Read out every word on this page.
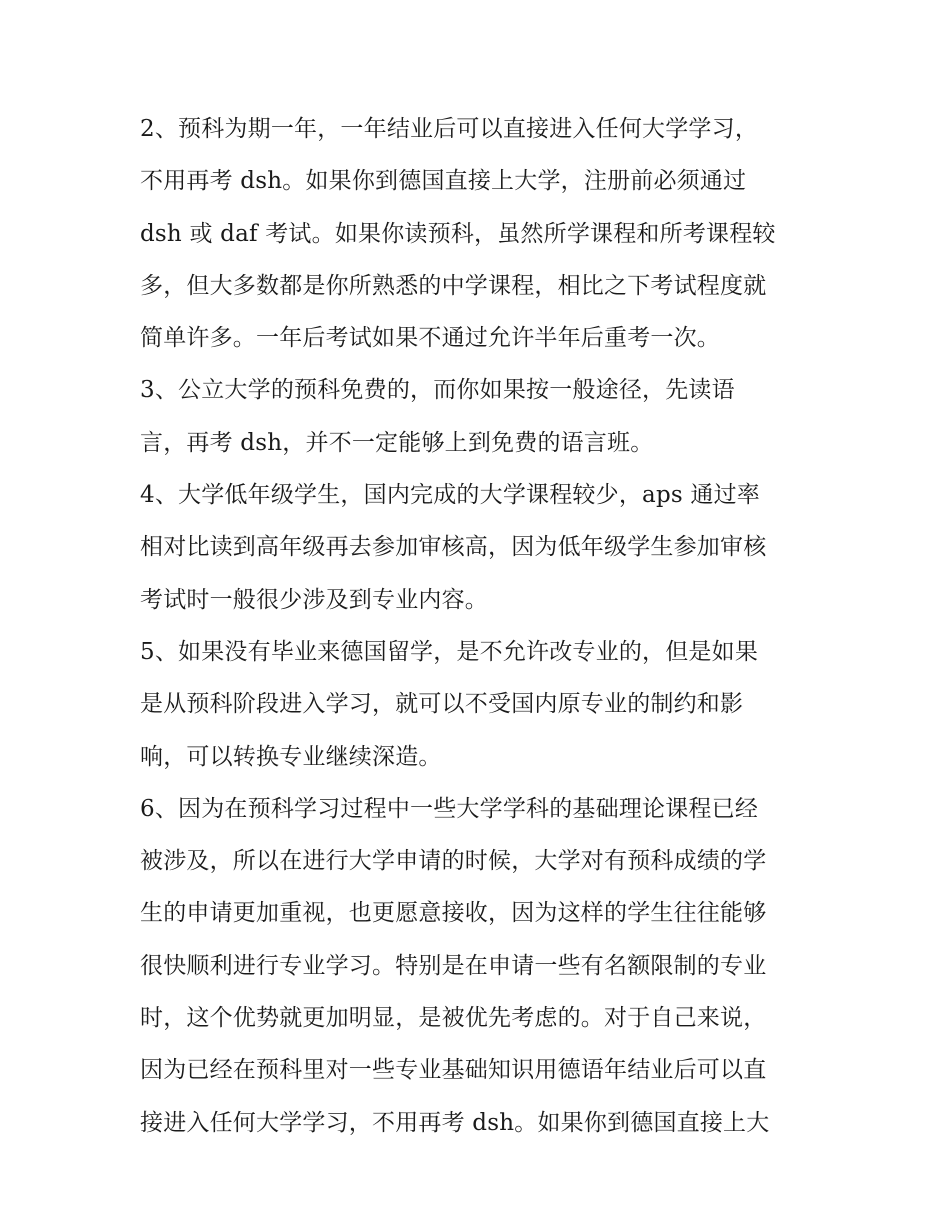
2、预科为期一年，一年结业后可以直接进入任何大学学习，
不用再考 dsh。如果你到德国直接上大学，注册前必须通过
dsh 或 daf 考试。如果你读预科，虽然所学课程和所考课程较
多，但大多数都是你所熟悉的中学课程，相比之下考试程度就
简单许多。一年后考试如果不通过允许半年后重考一次。
3、公立大学的预科免费的，而你如果按一般途径，先读语
言，再考 dsh，并不一定能够上到免费的语言班。
4、大学低年级学生，国内完成的大学课程较少，aps 通过率
相对比读到高年级再去参加审核高，因为低年级学生参加审核
考试时一般很少涉及到专业内容。
5、如果没有毕业来德国留学，是不允许改专业的，但是如果
是从预科阶段进入学习，就可以不受国内原专业的制约和影
响，可以转换专业继续深造。
6、因为在预科学习过程中一些大学学科的基础理论课程已经
被涉及，所以在进行大学申请的时候，大学对有预科成绩的学
生的申请更加重视，也更愿意接收，因为这样的学生往往能够
很快顺利进行专业学习。特别是在申请一些有名额限制的专业
时，这个优势就更加明显，是被优先考虑的。对于自己来说，
因为已经在预科里对一些专业基础知识用德语年结业后可以直
接进入任何大学学习，不用再考 dsh。如果你到德国直接上大
